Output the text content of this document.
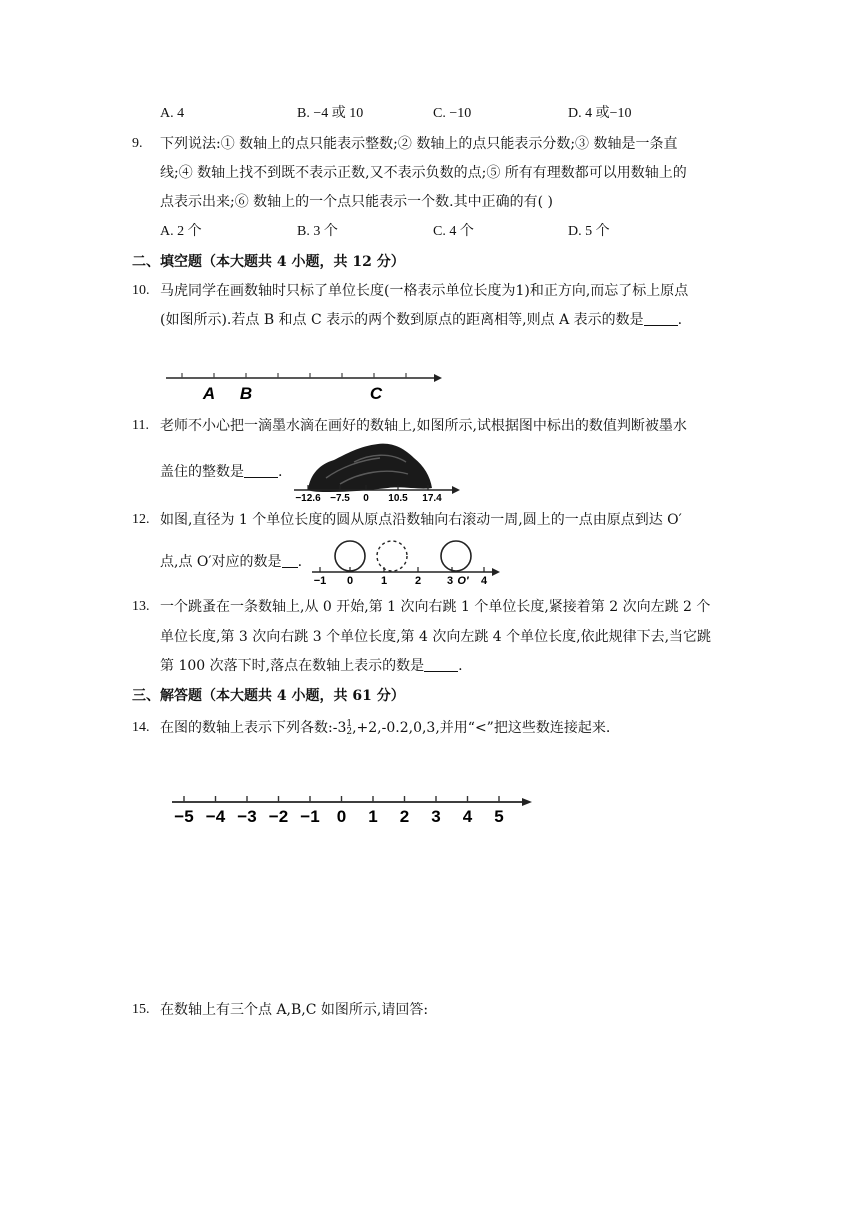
A. 4	B. −4 或 10	C. −10	D. 4 或−10
9. 下列说法:① 数轴上的点只能表示整数;② 数轴上的点只能表示分数;③ 数轴是一条直
线;④ 数轴上找不到既不表示正数,又不表示负数的点;⑤ 所有有理数都可以用数轴上的
点表示出来;⑥ 数轴上的一个点只能表示一个数.其中正确的有( )
A. 2 个	B. 3 个	C. 4 个	D. 5 个
二、填空题（本大题共 4 小题，共 12 分）
10. 马虎同学在画数轴时只标了单位长度(一格表示单位长度为1)和正方向,而忘了标上原点
(如图所示).若点 B 和点 C 表示的两个数到原点的距离相等,则点 A 表示的数是 .
A B	C
11. 老师不小心把一滴墨水滴在画好的数轴上,如图所示,试根据图中标出的数值判断被墨水
盖住的整数是 .
−12.6 −7.5 0 10.5 17.4
12. 如图,直径为 1 个单位长度的圆从原点沿数轴向右滚动一周,圆上的一点由原点到达 O′
点,点 O′对应的数是 .
−1 0	1	2 3 O′ 4
13. 一个跳蚤在一条数轴上,从 0 开始,第 1 次向右跳 1 个单位长度,紧接着第 2 次向左跳 2 个
单位长度,第 3 次向右跳 3 个单位长度,第 4 次向左跳 4 个单位长度,依此规律下去,当它跳
第 100 次落下时,落点在数轴上表示的数是 .
三、解答题（本大题共 4 小题，共 61 分）
14. 在图的数轴上表示下列各数:-31
2,+2,-0.2,0,3,并用“<”把这些数连接起来.
−5 −4 −3 −2 −1 0 1 2 3 4 5
15. 在数轴上有三个点 A,B,C 如图所示,请回答:
